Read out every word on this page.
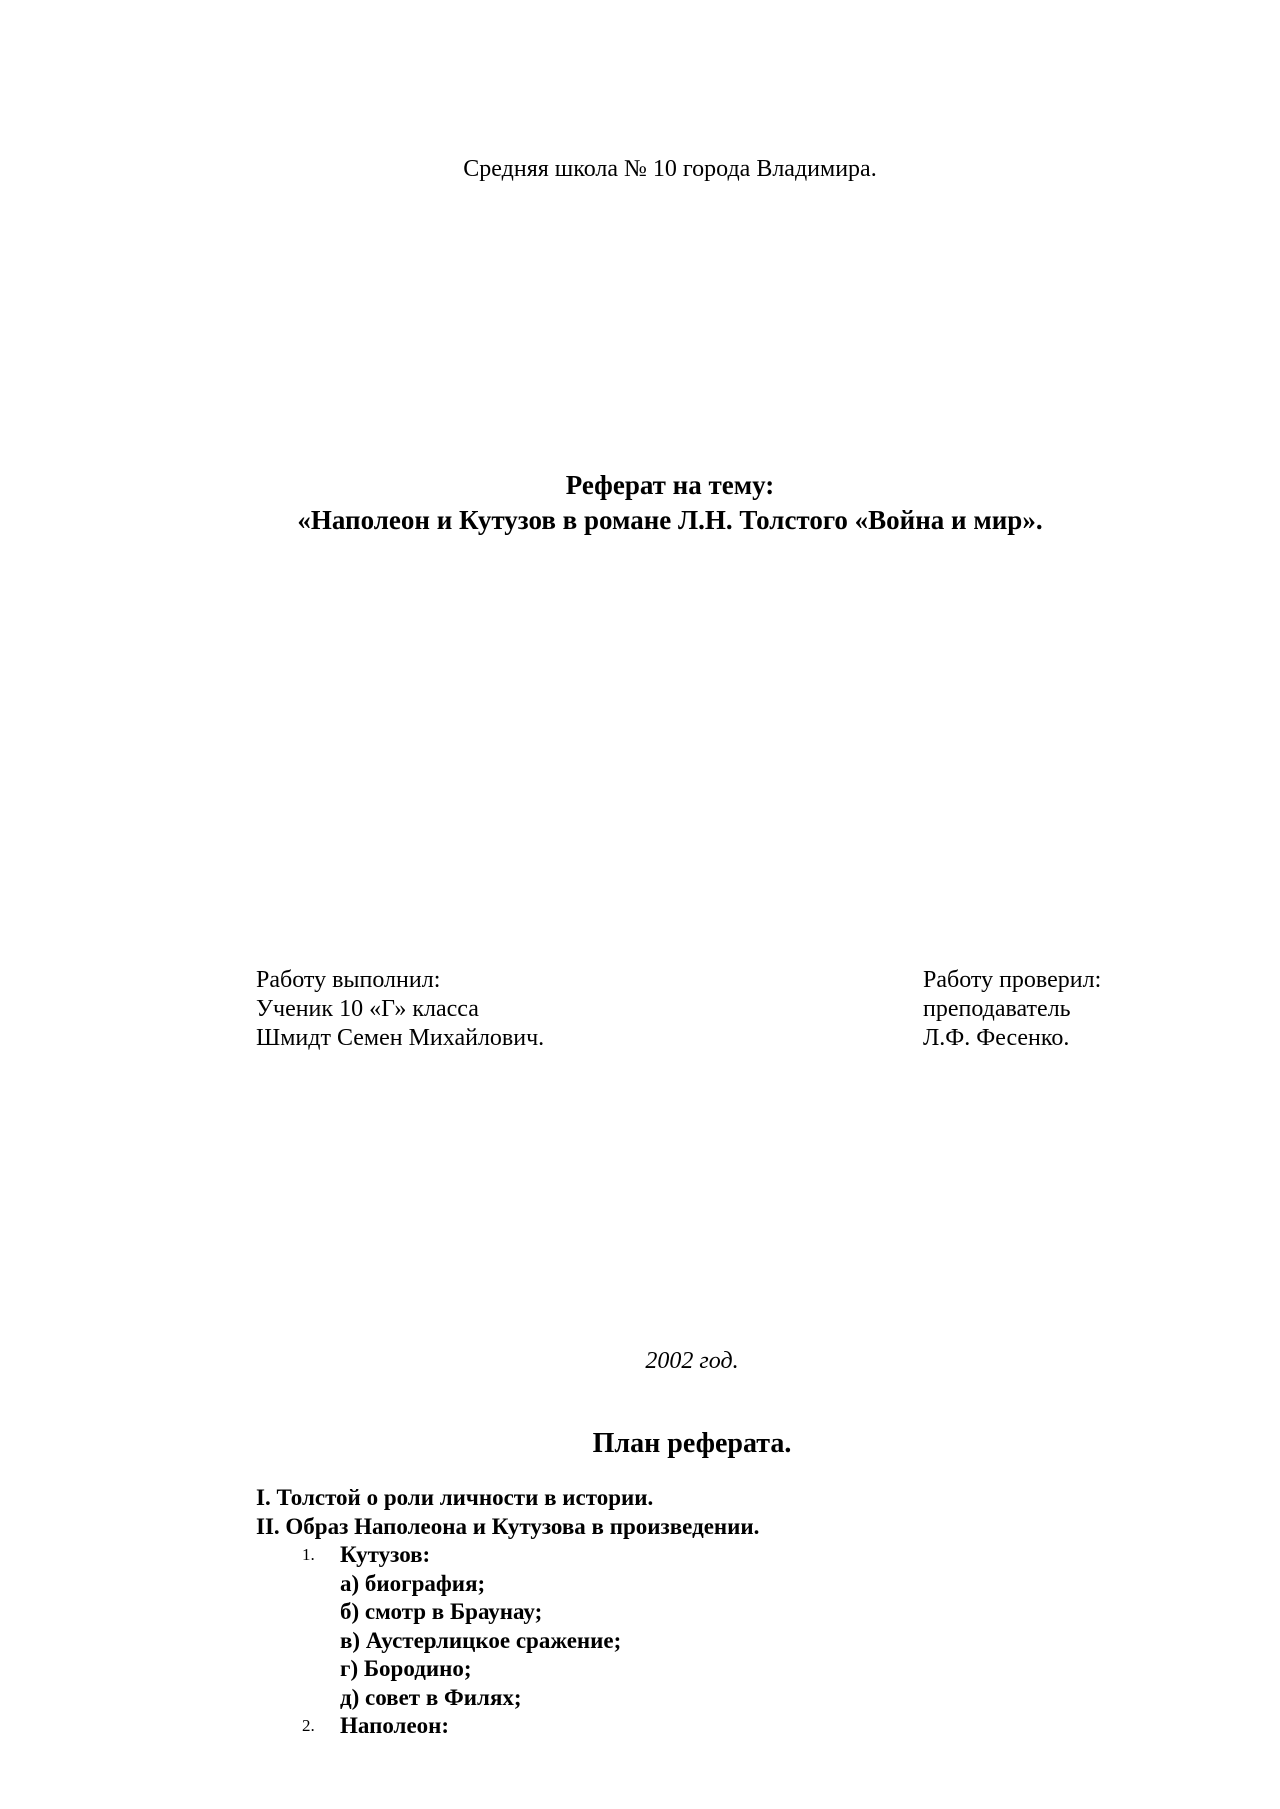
Средняя школа № 10 города Владимира.
Реферат на тему:
«Наполеон и Кутузов в романе Л.Н. Толстого «Война и мир».
Работу выполнил:
Ученик 10 «Г» класса
Шмидт Семен Михайлович.
Работу проверил:
преподаватель
Л.Ф. Фесенко.
2002 год.
План реферата.
I. Толстой о роли личности в истории.
II. Образ Наполеона и Кутузова в произведении.
1. Кутузов:
а) биография;
б) смотр в Браунау;
в) Аустерлицкое сражение;
г) Бородино;
д) совет в Филях;
2. Наполеон:
